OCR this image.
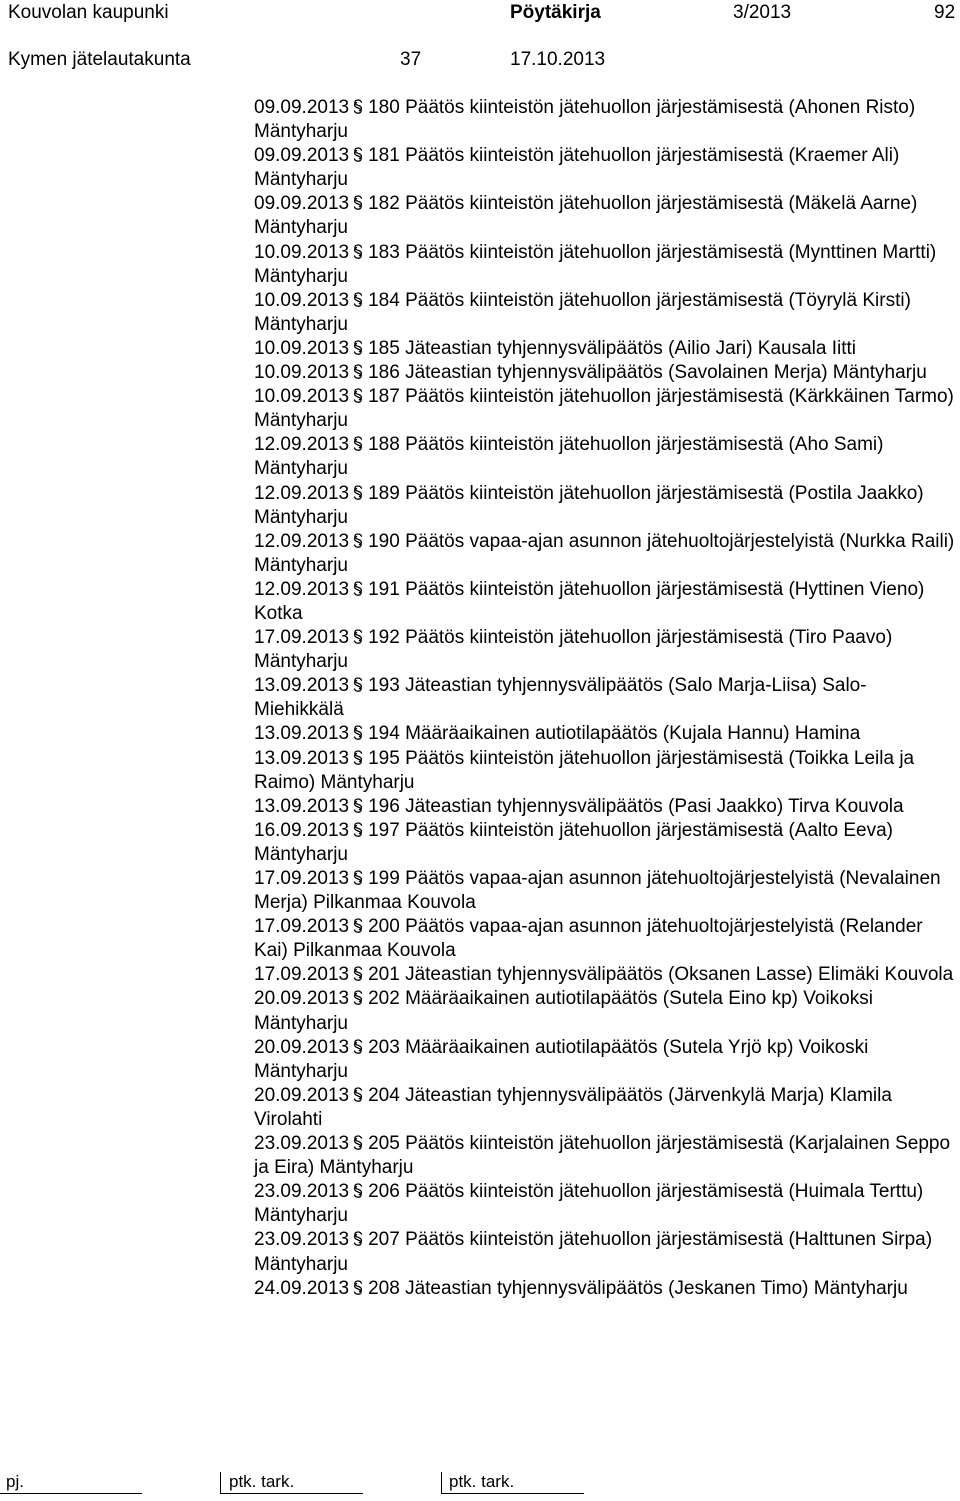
Kouvolan kaupunki	Pöytäkirja	3/2013	92
Kymen jätelautakunta	37	17.10.2013
09.09.2013 180 Päätös kiinteistön jätehuollon järjestämisestä (Ahonen Risto) Mäntyharju
09.09.2013 181 Päätös kiinteistön jätehuollon järjestämisestä (Kraemer Ali) Mäntyharju
09.09.2013 182 Päätös kiinteistön jätehuollon järjestämisestä (Mäkelä Aarne) Mäntyharju
10.09.2013 183 Päätös kiinteistön jätehuollon järjestämisestä (Mynttinen Martti) Mäntyharju
10.09.2013 184 Päätös kiinteistön jätehuollon järjestämisestä (Töyrylä Kirsti) Mäntyharju
10.09.2013 185 Jäteastian tyhjennysvälipäätös (Ailio Jari) Kausala Iitti
10.09.2013 186 Jäteastian tyhjennysvälipäätös (Savolainen Merja) Mäntyharju
10.09.2013 187 Päätös kiinteistön jätehuollon järjestämisestä (Kärkkäinen Tarmo) Mäntyharju
12.09.2013 188 Päätös kiinteistön jätehuollon järjestämisestä (Aho Sami) Mäntyharju
12.09.2013 189 Päätös kiinteistön jätehuollon järjestämisestä (Postila Jaakko) Mäntyharju
12.09.2013 190 Päätös vapaa-ajan asunnon jätehuoltojärjestelyistä (Nurkka Raili) Mäntyharju
12.09.2013 191 Päätös kiinteistön jätehuollon järjestämisestä (Hyttinen Vieno) Kotka
17.09.2013 192 Päätös kiinteistön jätehuollon järjestämisestä (Tiro Paavo) Mäntyharju
13.09.2013 193 Jäteastian tyhjennysvälipäätös (Salo Marja-Liisa) Salo-Miehikkälä
13.09.2013 194 Määräaikainen autiotilapäätös (Kujala Hannu) Hamina
13.09.2013 195 Päätös kiinteistön jätehuollon järjestämisestä (Toikka Leila ja Raimo) Mäntyharju
13.09.2013 196 Jäteastian tyhjennysvälipäätös (Pasi Jaakko) Tirva Kouvola
16.09.2013 197 Päätös kiinteistön jätehuollon järjestämisestä (Aalto Eeva) Mäntyharju
17.09.2013 199 Päätös vapaa-ajan asunnon jätehuoltojärjestelyistä (Nevalainen Merja) Pilkanmaa Kouvola
17.09.2013 200 Päätös vapaa-ajan asunnon jätehuoltojärjestelyistä (Relander Kai) Pilkanmaa Kouvola
17.09.2013 201 Jäteastian tyhjennysvälipäätös (Oksanen Lasse) Elimäki Kouvola
20.09.2013 202 Määräaikainen autiotilapäätös (Sutela Eino kp) Voikoksi Mäntyharju
20.09.2013 203 Määräaikainen autiotilapäätös (Sutela Yrjö kp) Voikoski Mäntyharju
20.09.2013 204 Jäteastian tyhjennysvälipäätös (Järvenkylä Marja) Klamila Virolahti
23.09.2013 205 Päätös kiinteistön jätehuollon järjestämisestä (Karjalainen Seppo ja Eira) Mäntyharju
23.09.2013 206 Päätös kiinteistön jätehuollon järjestämisestä (Huimala Terttu) Mäntyharju
23.09.2013 207 Päätös kiinteistön jätehuollon järjestämisestä (Halttunen Sirpa) Mäntyharju
24.09.2013 208 Jäteastian tyhjennysvälipäätös (Jeskanen Timo) Mäntyharju
pj.	ptk. tark.	ptk. tark.
